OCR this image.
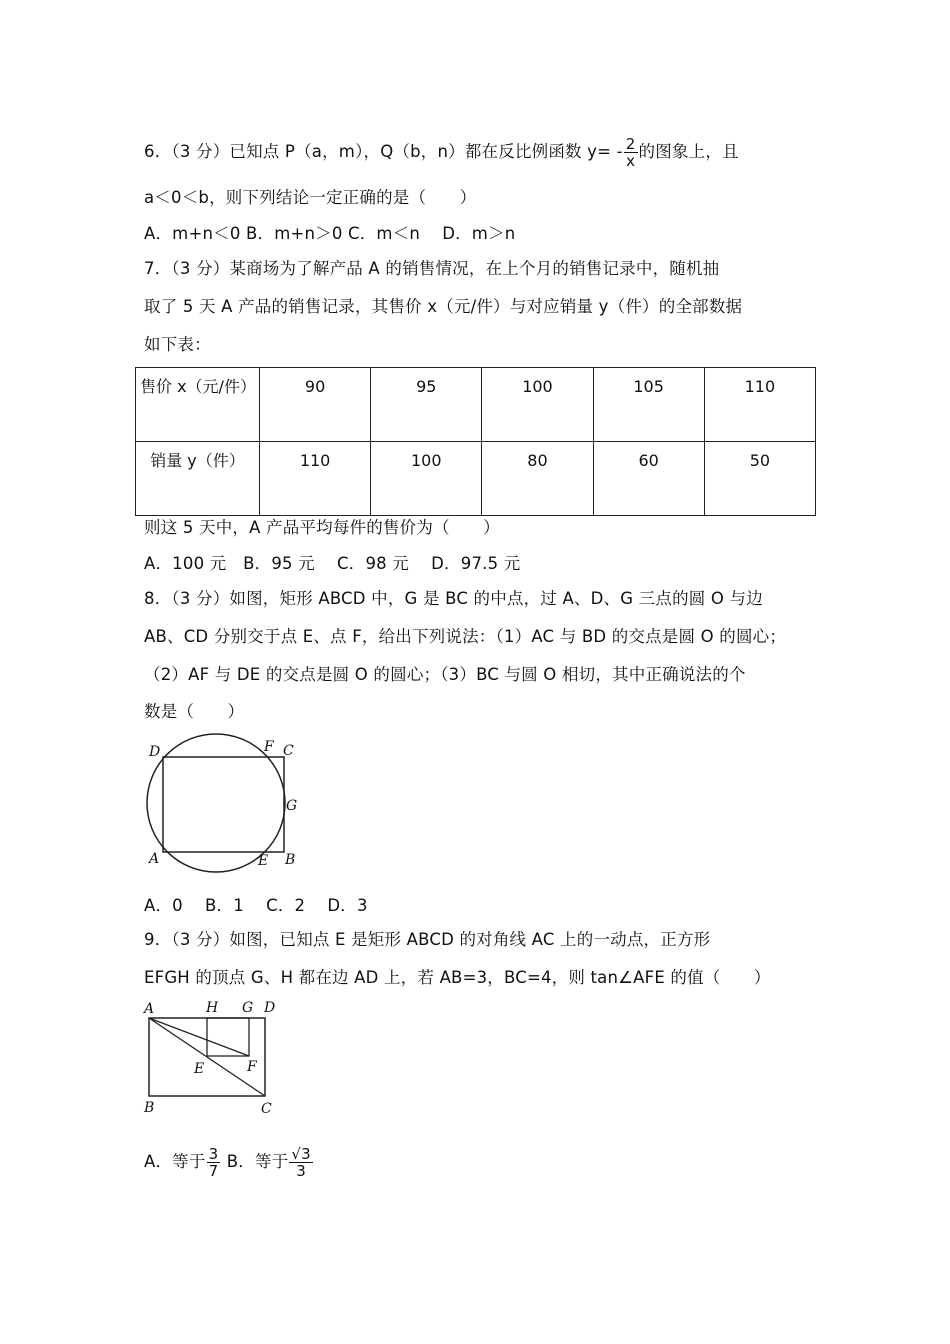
6．（3 分）已知点 P（a，m），Q（b，n）都在反比例函数 $y= - \frac{2}{x}$ 的图象上，且
a＜0＜b，则下列结论一定正确的是（　　）
A．m+n＜0 B．m+n＞0 C．m＜n　 D．m＞n
7．（3 分）某商场为了解产品 A 的销售情况，在上个月的销售记录中，随机抽
取了 5 天 A 产品的销售记录，其售价 x（元/件）与对应销量 y（件）的全部数据
如下表：
售价 x（元/件）	90	95	100	105	110
销量 y（件）	110	100	80	60	50
则这 5 天中，A 产品平均每件的售价为（　　）
A．100 元　B．95 元　 C．98 元　 D．97.5 元
8．（3 分）如图，矩形 ABCD 中，G 是 BC 的中点，过 A、D、G 三点的圆 O 与边
AB、CD 分别交于点 E、点 F，给出下列说法：（1）AC 与 BD 的交点是圆 O 的圆心；
（2）AF 与 DE 的交点是圆 O 的圆心；（3）BC 与圆 O 相切，其中正确说法的个
数是（　　）
D	F C
G
A	E B
A．0　 B．1　 C．2　 D．3
9．（3 分）如图，已知点 E 是矩形 ABCD 的对角线 AC 上的一动点，正方形
EFGH 的顶点 G、H 都在边 AD 上，若 AB=3，BC=4，则 tan∠AFE 的值（　　）
A	H G D
E	F
B	C
A．等于 $\frac{3}{7}$ B．等于 $\frac{√3}{3}$
